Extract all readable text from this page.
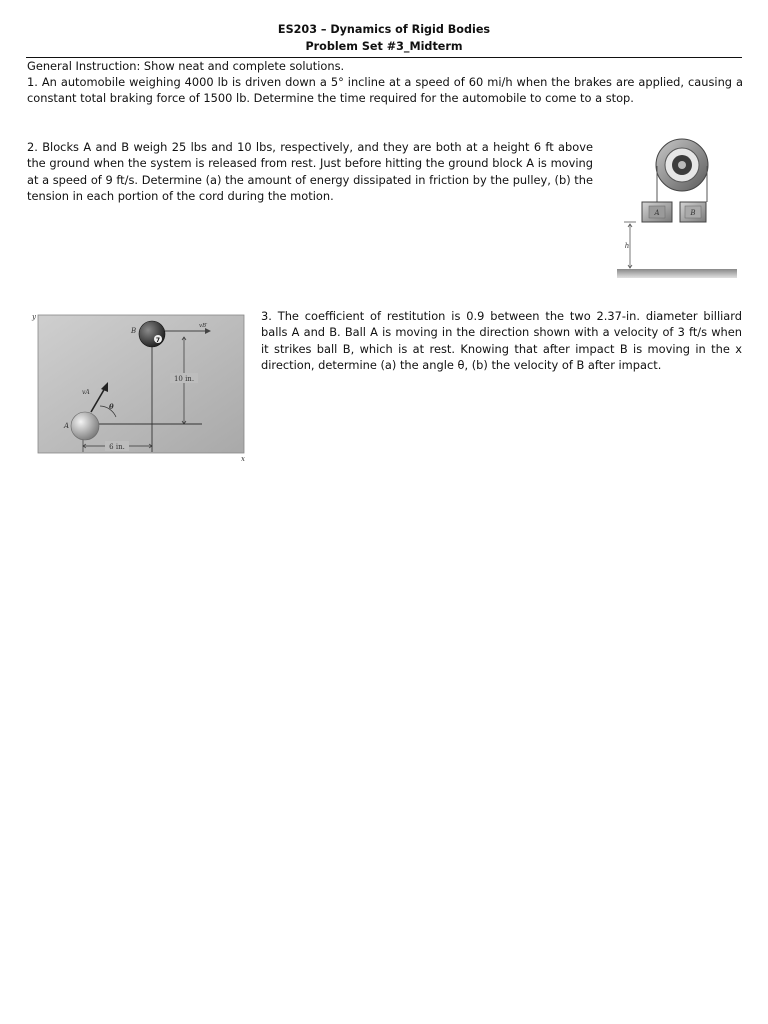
ES203 – Dynamics of Rigid Bodies
Problem Set #3_Midterm
General Instruction: Show neat and complete solutions.
1. An automobile weighing 4000 lb is driven down a 5° incline at a speed of 60 mi/h when the brakes are applied, causing a constant total braking force of 1500 lb. Determine the time required for the automobile to come to a stop.
2. Blocks A and B weigh 25 lbs and 10 lbs, respectively, and they are both at a height 6 ft above the ground when the system is released from rest. Just before hitting the ground block A is moving at a speed of 9 ft/s. Determine (a) the amount of energy dissipated in friction by the pulley, (b) the tension in each portion of the cord during the motion.
A	B
h
3. The coefficient of restitution is 0.9 between the two 2.37-in. diameter billiard balls A and B. Ball A is moving in the direction shown with a velocity of 3 ft/s when it strikes ball B, which is at rest. Knowing that after impact B is moving in the x direction, determine (a) the angle θ, (b) the velocity of B after impact.
y
x
10 in.
6 in.
A
vA
θ
7
B
vB′
